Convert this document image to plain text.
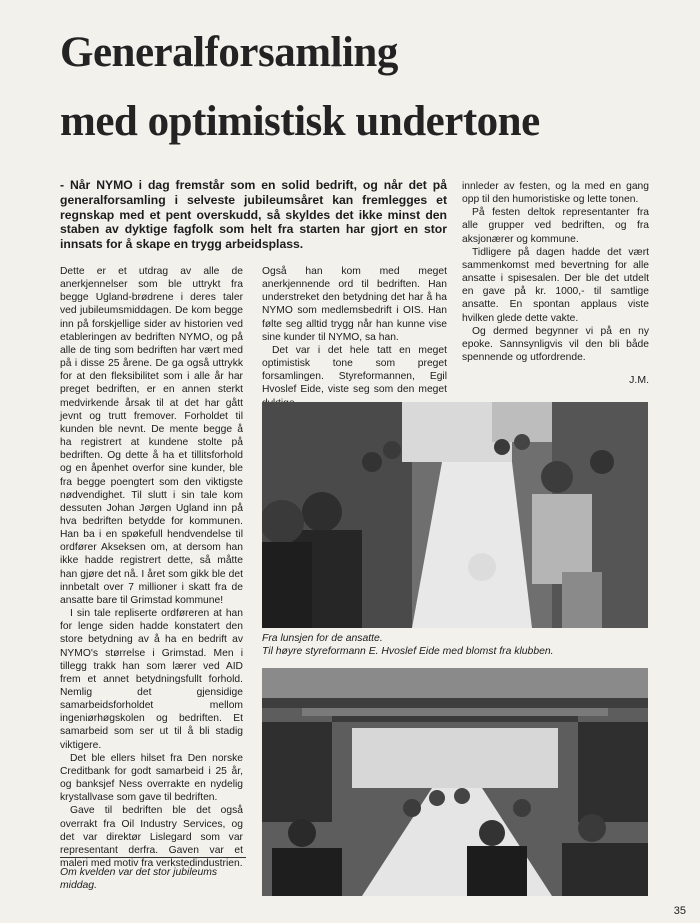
Generalforsamling
med optimistisk undertone

- Når NYMO i dag fremstår som en solid bedrift, og når det på generalforsamling i selveste jubileumsåret kan fremlegges et regnskap med et pent overskudd, så skyldes det ikke minst den staben av dyktige fagfolk som helt fra starten har gjort en stor innsats for å skape en trygg arbeidsplass.

Dette er et utdrag av alle de anerkjennelser som ble uttrykt fra begge Ugland-brødrene i deres taler ved jubileumsmiddagen. De kom begge inn på forskjellige sider av historien ved etableringen av bedriften NYMO, og på alle de ting som bedriften har vært med på i disse 25 årene. De ga også uttrykk for at den fleksibilitet som i alle år har preget bedriften, er en annen sterkt medvirkende årsak til at det har gått jevnt og trutt fremover. Forholdet til kunden ble nevnt. De mente begge å ha registrert at kundene stolte på bedriften. Og dette å ha et tillitsforhold og en åpenhet overfor sine kunder, ble fra begge poengtert som den viktigste nødvendighet. Til slutt i sin tale kom dessuten Johan Jørgen Ugland inn på hva bedriften betydde for kommunen. Han ba i en spøkefull hendvendelse til ordfører Akseksen om, at dersom han ikke hadde registrert dette, så måtte han gjøre det nå. I året som gikk ble det innbetalt over 7 millioner i skatt fra de ansatte bare til Grimstad kommune!

I sin tale repliserte ordføreren at han for lenge siden hadde konstatert den store betydning av å ha en bedrift av NYMO's størrelse i Grimstad. Men i tillegg trakk han som lærer ved AID frem et annet betydningsfullt forhold. Nemlig det gjensidige samarbeidsforholdet mellom ingeniørhøgskolen og bedriften. Et samarbeid som ser ut til å bli stadig viktigere.

Det ble ellers hilset fra Den norske Creditbank for godt samarbeid i 25 år, og banksjef Ness overrakte en nydelig krystallvase som gave til bedriften.

Gave til bedriften ble det også overrakt fra Oil Industry Services, og det var direktør Lislegard som var representant derfra. Gaven var et maleri med motiv fra verkstedindustrien.

Også han kom med meget anerkjennende ord til bedriften. Han understreket den betydning det har å ha NYMO som medlemsbedrift i OIS. Han følte seg alltid trygg når han kunne vise sine kunder til NYMO, sa han.

Det var i det hele tatt en meget optimistisk tone som preget forsamlingen. Styreformannen, Egil Hvoslef Eide, viste seg som den meget

innleder av festen, og la med en gang opp til den humoristiske og lette tonen.

På festen deltok representanter fra alle grupper ved bedriften, og fra aksjonærer og kommune.

Tidligere på dagen hadde det vært sammenkomst med bevertning for alle ansatte i spisesalen. Der ble det utdelt en gave på kr. 1000,- til samtlige ansatte. En spontan applaus viste hvilken glede dette vakte.

Og dermed begynner vi på en ny epoke. Sannsynligvis vil den bli både spennende og utfordrende.

J.M.
Fra lunsjen for de ansatte.
Til høyre styreformann E. Hvoslef Eide med blomst fra klubben.

Om kvelden var det stor jubileums middag.

35
